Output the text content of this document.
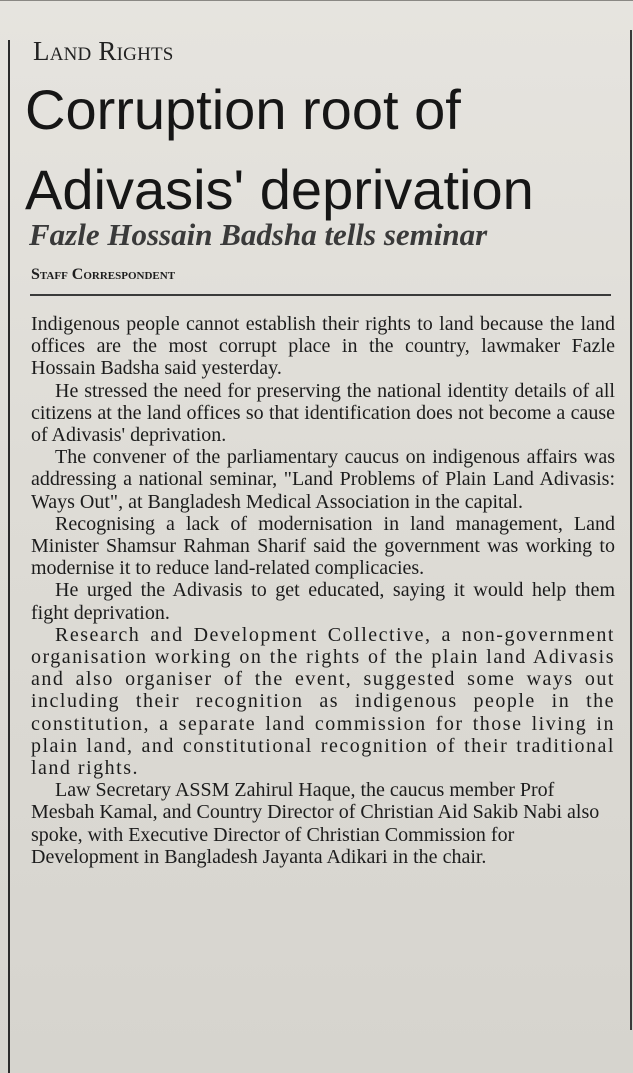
Land Rights
Corruption root of
Adivasis' deprivation
Fazle Hossain Badsha tells seminar
Staff Correspondent

Indigenous people cannot establish their rights to land because the land offices are the most corrupt place in the country, lawmaker Fazle Hossain Badsha said yesterday.

He stressed the need for preserving the national identity details of all citizens at the land offices so that identification does not become a cause of Adivasis' deprivation.

The convener of the parliamentary caucus on indigenous affairs was addressing a national seminar, "Land Problems of Plain Land Adivasis: Ways Out", at Bangladesh Medical Association in the capital.

Recognising a lack of modernisation in land management, Land Minister Shamsur Rahman Sharif said the government was working to modernise it to reduce land-related complicacies.

He urged the Adivasis to get educated, saying it would help them fight deprivation.

Research and Development Collective, a non-government organisation working on the rights of the plain land Adivasis and also organiser of the event, suggested some ways out including their recognition as indigenous people in the constitution, a separate land commission for those living in plain land, and constitutional recognition of their traditional land rights.

Law Secretary ASSM Zahirul Haque, the caucus member Prof Mesbah Kamal, and Country Director of Christian Aid Sakib Nabi also spoke, with Executive Director of Christian Commission for Development in Bangladesh Jayanta Adikari in the chair.
